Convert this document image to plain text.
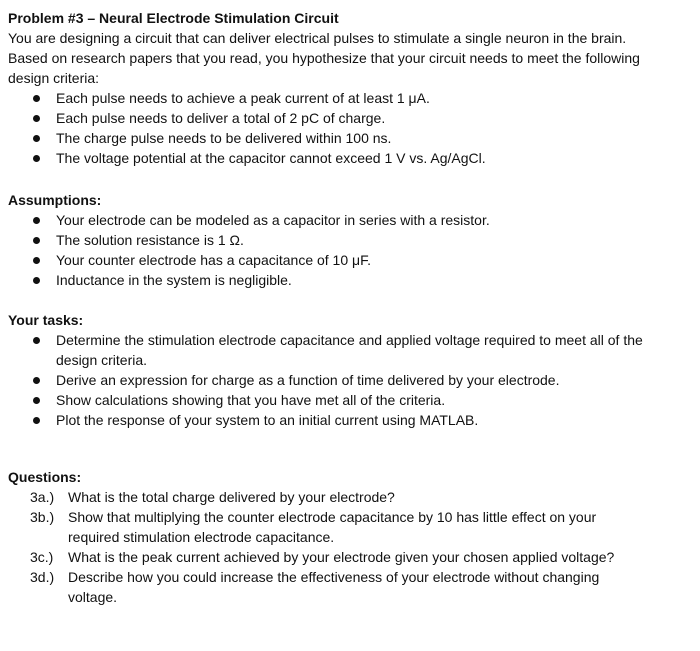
Problem #3 – Neural Electrode Stimulation Circuit

You are designing a circuit that can deliver electrical pulses to stimulate a single neuron in the brain. Based on research papers that you read, you hypothesize that your circuit needs to meet the following design criteria:

Each pulse needs to achieve a peak current of at least 1 μA.
Each pulse needs to deliver a total of 2 pC of charge.
The charge pulse needs to be delivered within 100 ns.
The voltage potential at the capacitor cannot exceed 1 V vs. Ag/AgCl.

Assumptions:

Your electrode can be modeled as a capacitor in series with a resistor.
The solution resistance is 1 Ω.
Your counter electrode has a capacitance of 10 μF.
Inductance in the system is negligible.

Your tasks:

Determine the stimulation electrode capacitance and applied voltage required to meet all of the design criteria.
Derive an expression for charge as a function of time delivered by your electrode.
Show calculations showing that you have met all of the criteria.
Plot the response of your system to an initial current using MATLAB.

Questions:

3a.) What is the total charge delivered by your electrode?
3b.) Show that multiplying the counter electrode capacitance by 10 has little effect on your required stimulation electrode capacitance.
3c.)	What is the peak current achieved by your electrode given your chosen applied voltage?
3d.) Describe how you could increase the effectiveness of your electrode without changing voltage.
